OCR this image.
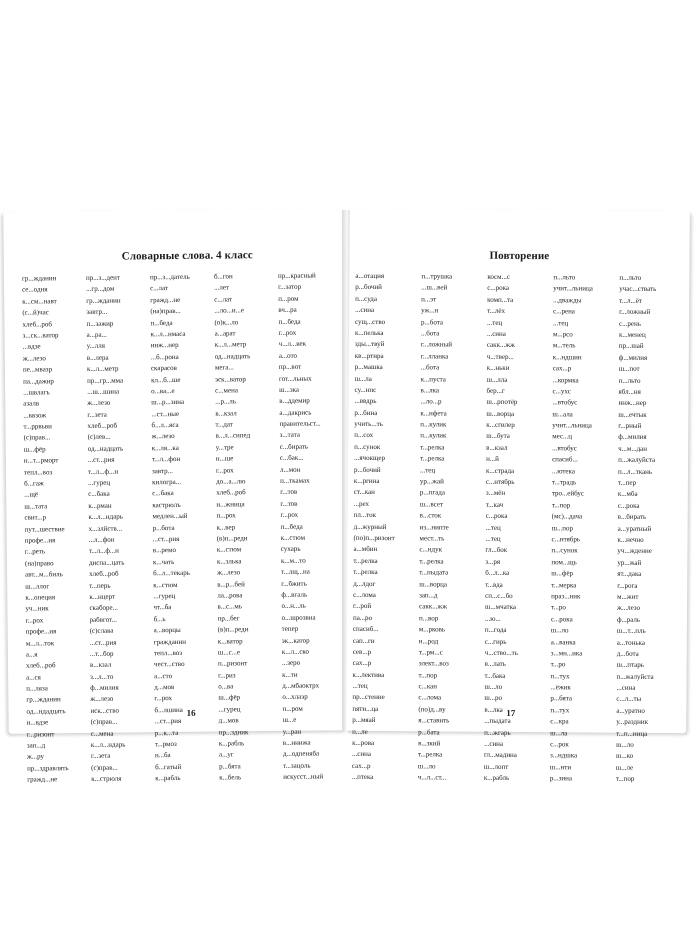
Словарные слова. 4 класс
гр...жданин
се...одня
к...см...навт
(с...й)час
хлеб...роб
з...ск...ватор
...вдзе
ж...лезо
пе...мвазр
па...дажир
...швлагь
азалв
...ввзож
т...ррвьви
(с)прав...
ш...фёр
н...т...рморт
тепл...воз
б...гаж
...щё
ш...тата
свит...р
пут...шествие
профе...ия
г...реть
(на)право
авт...м...биль
ш...ллог
к...опеция
уч...ник
г...рох
профе...ия
м...л...ток
а...я
хлеб...роб
а...ся
п...ляза
гр...жданин
од...ндадцать
н...вдзе
г...ризонт
зап...д
ж...ру
пр...здравлять
гражд...не
пр...з...дент
...гр...дом
гр...жданин
завтр...
п...зажир
а...ра...
у...лля
в...лера
к...л...метр
пр...гр...мма
...ш...шина
ж...лезо
г...зета
хлеб...роб
(с)лев...
од...надцать
...ст...рия
т...л...ф...н
...гурец
с...бака
к...рман
к...л...ндарь
х...злйств...
...л...фон
т...л...ф...н
диспа...цать
хлеб...роб
т...перь
к...нцерт
скаборе...
рабвгот...
(с)слава
...ст...рия
...т...бор
в...кзал
з...л...то
ф...милия
ж...лезо
иск...ство
(с)прав...
с...мена
к...л...ндарь
г...зета
(с)прав...
к...стрюля
пр...з...датель
с...лат
гражд...не
(на)прав...
п...беда
к...л...нмаса
инж...нер
...б...рона
скарасов
кл...б...ше
о...ва...е
ш...р...зина
...ст...ные
б...л...яса
ж...лезо
к...ля...ка
т...л...фон
завтр...
килогра...
с...бака
кастрюлъ
медлен...ый
р...бота
...ст...рия
в...ремо
к...чать
б...л...текарь
к...стюм
...гурец
чт...ба
б...ь
а...ворцы
гражданин
тепл...воз
чест...ство
а...сто
д...мов
г...рох
б...лшина
...ст...рия
р...к...та
т...рмоз
н...ба
б...гатый
к...рабль
б...гон
...лет
с...лат
...ло...и...е
(о)к...ло
а...арат
к...л...метр
од...надцать
мега...
эск...ватор
с...мена
...р...ль
в...кзал
т...дат
в...л...сипед
у...тре
н...ше
г...рох
до...а...лю
хлеб...роб
н...жница
п...рох
к...вер
(в)п...реди
к...стюм
к...злька
ж...лезо
в...р...бей
ла...рова
в...с...мь
пр...бег
(в)п...реди
к...ватор
ш...с...е
п...ризонт
г...риз
о...ва
ш...фёр
...гурец
д...мов
пр...здник
к...рабль
а...уг
р...бята
к...бель
пр...красный
г...затор
п...ром
вч...ра
п...беда
г...рох
ч...л...век
а...ото
пр...вот
гот...льных
ш...зка
в...ддемир
а...дакрись
правительст...
з...тата
с...бирать
с...бак...
л...мон
п...ткамах
г...тов
г...тов
г...рох
п...беда
к...стюм
сухарь
к...м...то
т...лщ...на
г...бжить
ф...вгаль
о...н...ль
о...шрозвна
тепер
эк...катор
к...л...ско
...зеро
к...ти
д...мбаоктрх
о...хлаэр
п...ром
ш...е
у...ран
в...ннижа
д...одпеняба
т...зацоль
искусст...ный
16
Повторение
а...отация
р...бочий
п...суда
...сина
сущ...ство
к...пелька
зды...твуй
кв...ртира
р...машка
ш...ла
су...нпс
...ввдрь
р...бина
учить...ть
п...сох
п...сунок
...ячокщер
р...бочий
к...ргина
ст...кан
...рех
пл...ток
д...журный
(по)п...ризонт
а...мбин
т...релка
т...релка
д...лдог
с...лома
г...рой
па...ро
спасиб...
сап...ги
сев...р
сах...р
к...лектива
...тец
пр...стение
пяти...ца
р...мяай
п...ле
к...рова
...сина
сах...р
...птека
п...трушка
...ш...вей
п...эт
уж...н
р...бота
...бота
г...ложный
г...лланка
...бота
к...пуста
в...лка
...ло...р
к...нфета
п...кулик
п...кулик
т...релка
т...релка
...тец
ур...жай
р...пгада
ш...всет
в...сток
из...нипте
мест...ть
с...ндук
т...релка
т...пыдата
ш...ворца
зап...д
сакк...жж
п...вор
м...рковь
н...род
т...рм...с
элект...воз
т...пор
с...кан
с...лома
(по)д...ву
я...ставить
р...бата
в...зкий
т...релка
ш...ло
ч...л...ст...
косм...с
с...рока
комп...та
т...лёх
...тец
...сина
сакк...жж
ч...твер...
к...ньки
ш...лла
бер...г
ш...рпотёр
ш...ворца
к...сгилер
ш...бута
в...кзал
н...й
к...страда
с...нтябрь
з...мён
т...кач
с...рока
...тец
...тец
гл...бок
з...ря
б...л...ка
т...вда
сп...с...бо
ш...мчатка
...ю...
п...года
с...гирь
ч...ство...ть
в...лать
т...бака
ш...ло
ш...ро
в...лка
...пыдата
п...жгарь
...сина
гл...мадина
ш...лопт
к...рабль
п...льто
учит...льница
...дважды
с...рена
...тец
м...рсо
м...тель
к...ндшин
сах...р
...кормка
с...ухс
...втобус
ш...ала
учит...льница
мес...ц
...втобус
спасиб...
...ютека
т...традь
тро...ейбус
т...пор
(мс)...дача
ш...пор
с...нтябрь
п...сунок
пом...щь
ш...фёр
т...мерка
праз...ник
т...ро
с...рока
ш...ло
а...ванка
з...мн...ика
т...ро
п...тух
...ёжик
р...бята
п...тух
с...кра
ш...ла
с...рок
з...ндшка
ш...нти
р...зина
п...льто
учас...ствать
т...л...ёт
г...ложный
с...рень
к...менец
пр...шай
ф...милия
ш...пот
п...льто
ябл...ня
инж...нер
ш...ечтык
г...рный
ф...милия
ч...м...дан
п...жалуйста
п...л...ткань
т...пер
к...мба
с...рока
в...бирать
а...уратный
к...нечно
уч...ждение
ур...жай
ят...дака
г...рога
м...жит
ж...лезо
ф...раль
ш...т...пль
а...тонька
д...бота
ш...птарь
п...жалуйста
...сина
с...л...ты
а...уратно
у...раздник
т...п...ница
ш...ло
ш...ко
ш...ле
т...пор
17
